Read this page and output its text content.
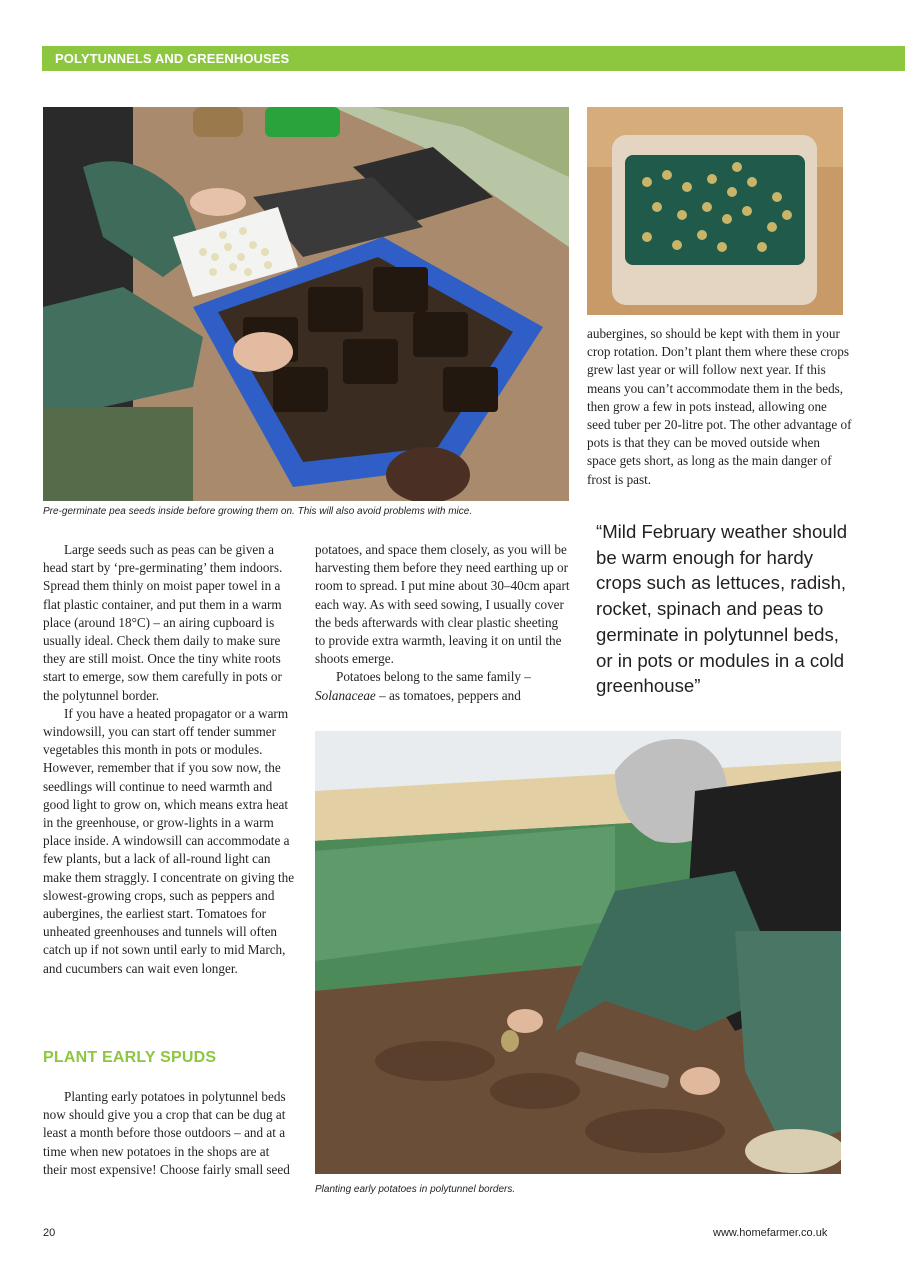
POLYTUNNELS AND GREENHOUSES
Pre-germinate pea seeds inside before growing them on. This will also avoid problems with mice.

aubergines, so should be kept with them in your crop rotation. Don’t plant them where these crops grew last year or will follow next year. If this means you can’t accommodate them in the beds, then grow a few in pots instead, allowing one seed tuber per 20-litre pot. The other advantage of pots is that they can be moved outside when space gets short, as long as the main danger of frost is past.

“Mild February weather should be warm enough for hardy crops such as lettuces, radish, rocket, spinach and peas to germinate in polytunnel beds, or in pots or modules in a cold greenhouse”

Large seeds such as peas can be given a head start by ‘pre-germinating’ them indoors. Spread them thinly on moist paper towel in a flat plastic container, and put them in a warm place (around 18°C) – an airing cupboard is usually ideal. Check them daily to make sure they are still moist. Once the tiny white roots start to emerge, sow them carefully in pots or the polytunnel border.

If you have a heated propagator or a warm windowsill, you can start off tender summer vegetables this month in pots or modules. However, remember that if you sow now, the seedlings will continue to need warmth and good light to grow on, which means extra heat in the greenhouse, or grow-lights in a warm place inside. A windowsill can accommodate a few plants, but a lack of all-round light can make them straggly. I concentrate on giving the slowest-growing crops, such as peppers and aubergines, the earliest start. Tomatoes for unheated greenhouses and tunnels will often catch up if not sown until early to mid March, and cucumbers can wait even longer.

PLANT EARLY SPUDS

Planting early potatoes in polytunnel beds now should give you a crop that can be dug at least a month before those outdoors – and at a time when new potatoes in the shops are at their most expensive! Choose fairly small seed

potatoes, and space them closely, as you will be harvesting them before they need earthing up or room to spread. I put mine about 30–40cm apart each way. As with seed sowing, I usually cover the beds afterwards with clear plastic sheeting to provide extra warmth, leaving it on until the shoots emerge.

Potatoes belong to the same family – Solanaceae – as tomatoes, peppers and

Planting early potatoes in polytunnel borders.
20	www.homefarmer.co.uk
